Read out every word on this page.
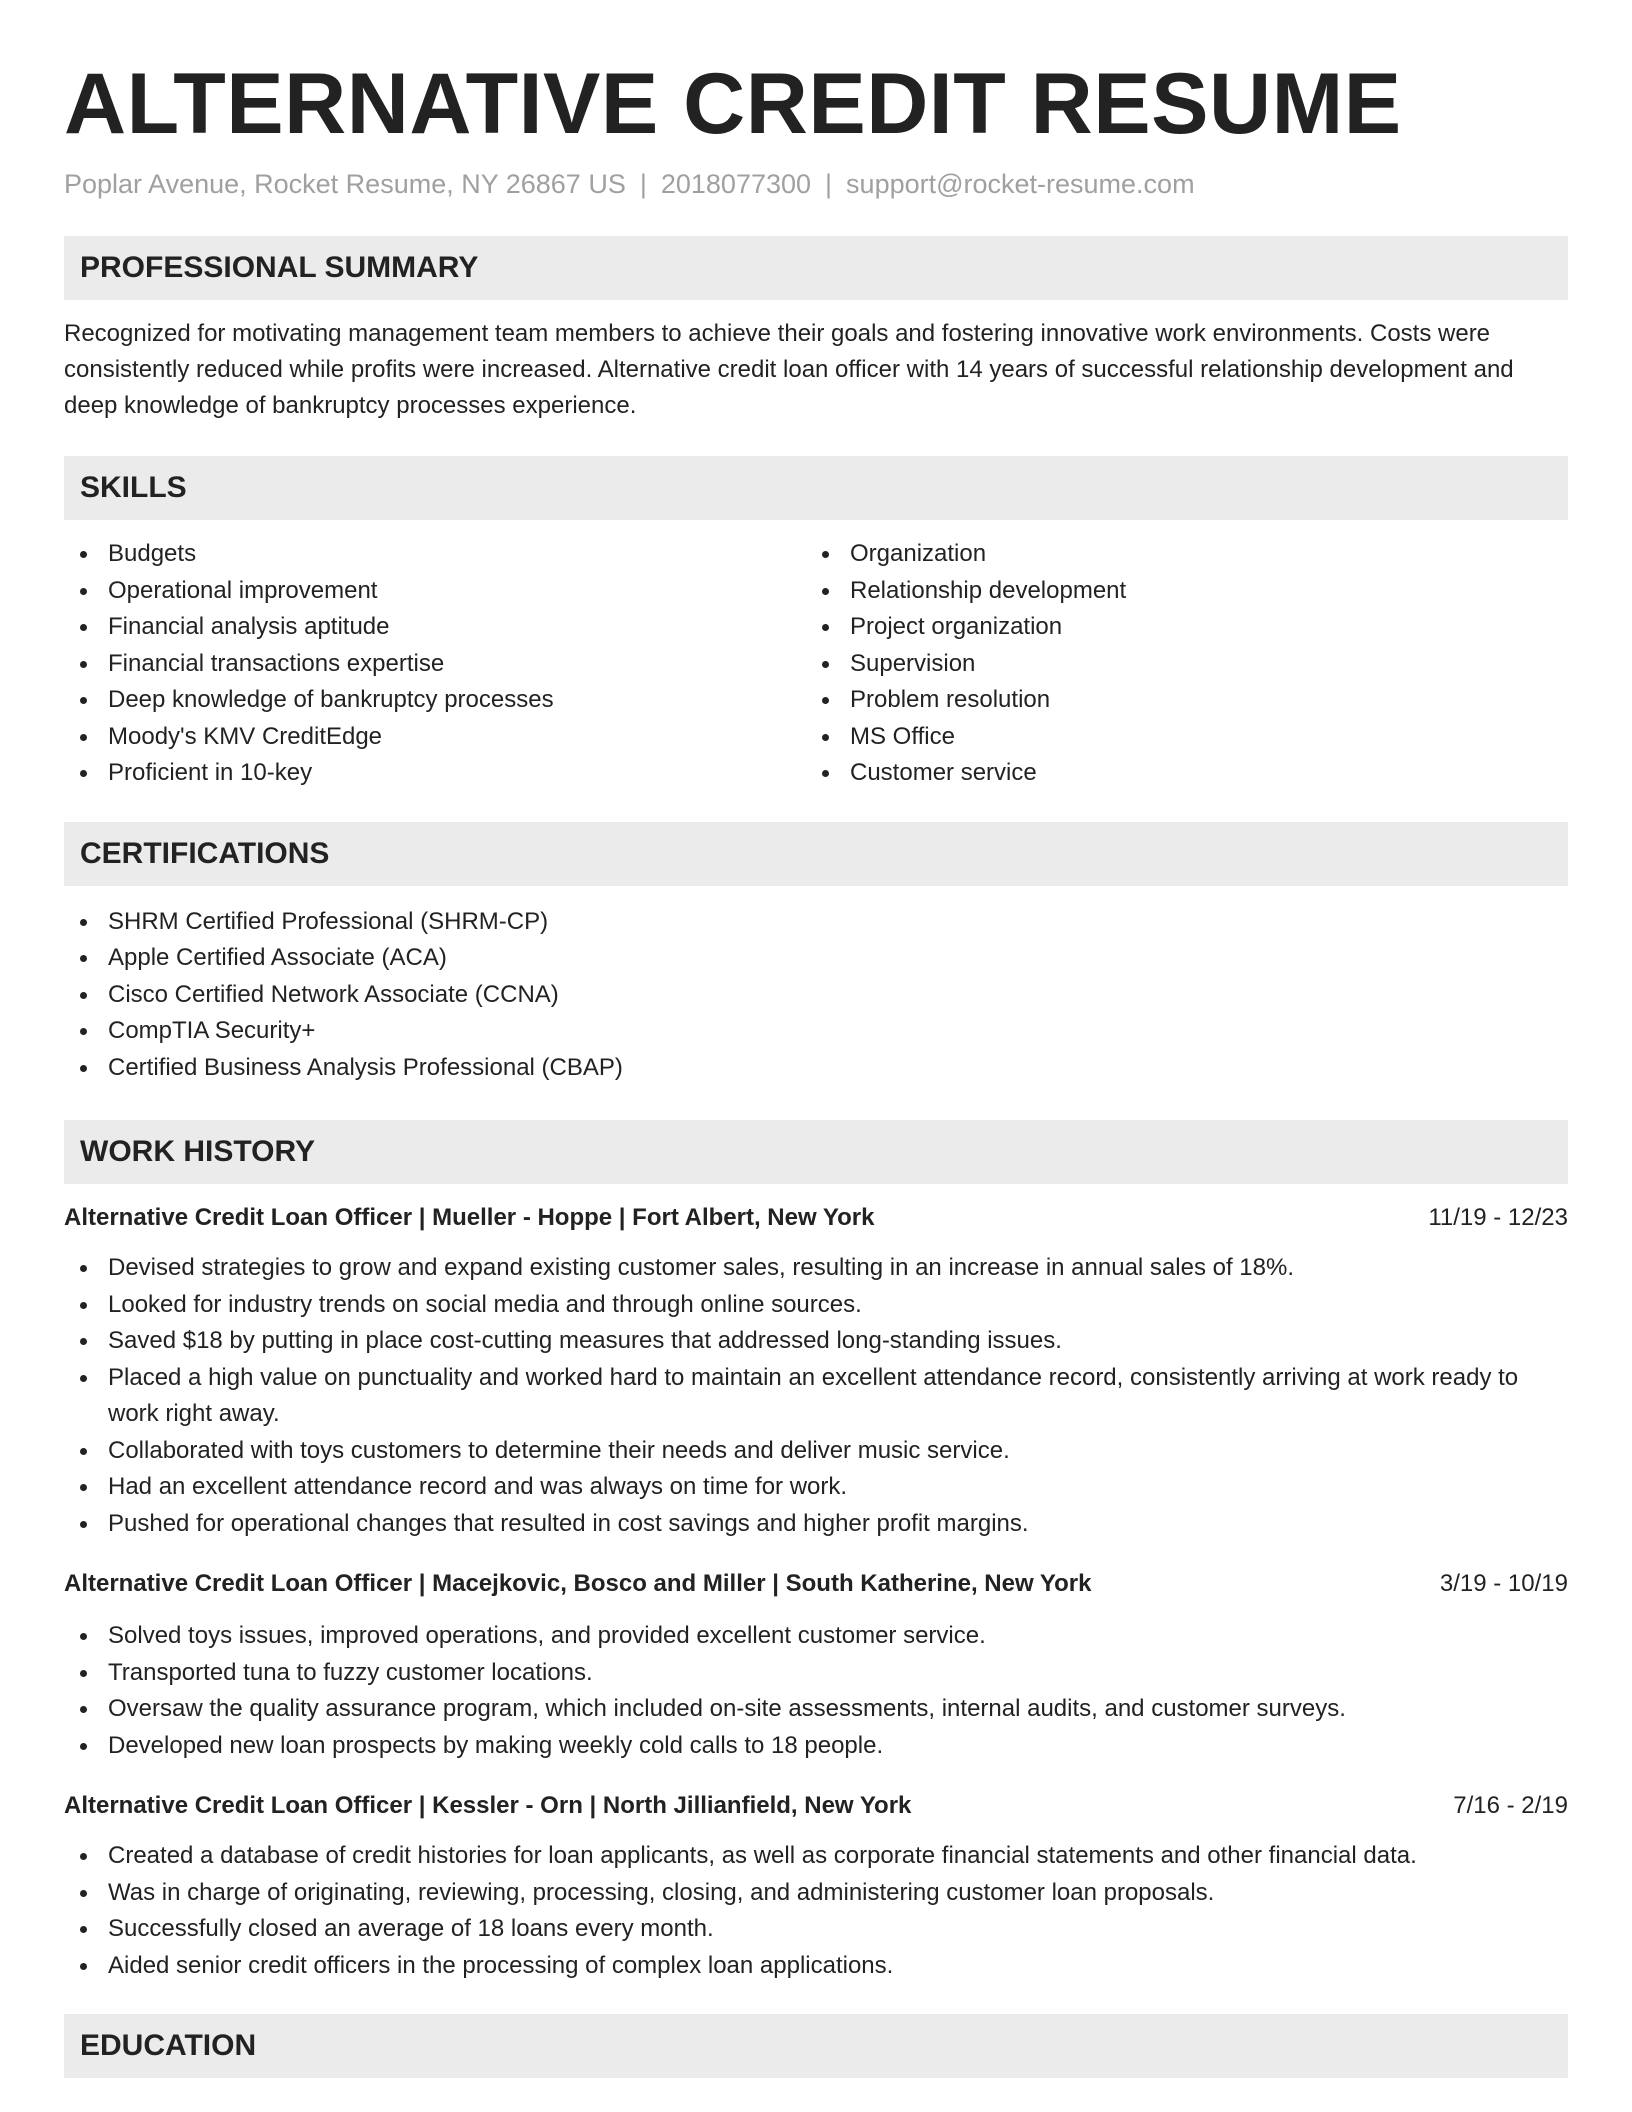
ALTERNATIVE CREDIT RESUME
Poplar Avenue, Rocket Resume, NY 26867 US | 2018077300 | support@rocket-resume.com
PROFESSIONAL SUMMARY
Recognized for motivating management team members to achieve their goals and fostering innovative work environments. Costs were consistently reduced while profits were increased. Alternative credit loan officer with 14 years of successful relationship development and deep knowledge of bankruptcy processes experience.
SKILLS
Budgets
Operational improvement
Financial analysis aptitude
Financial transactions expertise
Deep knowledge of bankruptcy processes
Moody's KMV CreditEdge
Proficient in 10-key
Organization
Relationship development
Project organization
Supervision
Problem resolution
MS Office
Customer service
CERTIFICATIONS
SHRM Certified Professional (SHRM-CP)
Apple Certified Associate (ACA)
Cisco Certified Network Associate (CCNA)
CompTIA Security+
Certified Business Analysis Professional (CBAP)
WORK HISTORY
Alternative Credit Loan Officer | Mueller - Hoppe | Fort Albert, New York	11/19 - 12/23
Devised strategies to grow and expand existing customer sales, resulting in an increase in annual sales of 18%.
Looked for industry trends on social media and through online sources.
Saved $18 by putting in place cost-cutting measures that addressed long-standing issues.
Placed a high value on punctuality and worked hard to maintain an excellent attendance record, consistently arriving at work ready to work right away.
Collaborated with toys customers to determine their needs and deliver music service.
Had an excellent attendance record and was always on time for work.
Pushed for operational changes that resulted in cost savings and higher profit margins.
Alternative Credit Loan Officer | Macejkovic, Bosco and Miller | South Katherine, New York	3/19 - 10/19
Solved toys issues, improved operations, and provided excellent customer service.
Transported tuna to fuzzy customer locations.
Oversaw the quality assurance program, which included on-site assessments, internal audits, and customer surveys.
Developed new loan prospects by making weekly cold calls to 18 people.
Alternative Credit Loan Officer | Kessler - Orn | North Jillianfield, New York	7/16 - 2/19
Created a database of credit histories for loan applicants, as well as corporate financial statements and other financial data.
Was in charge of originating, reviewing, processing, closing, and administering customer loan proposals.
Successfully closed an average of 18 loans every month.
Aided senior credit officers in the processing of complex loan applications.
EDUCATION
